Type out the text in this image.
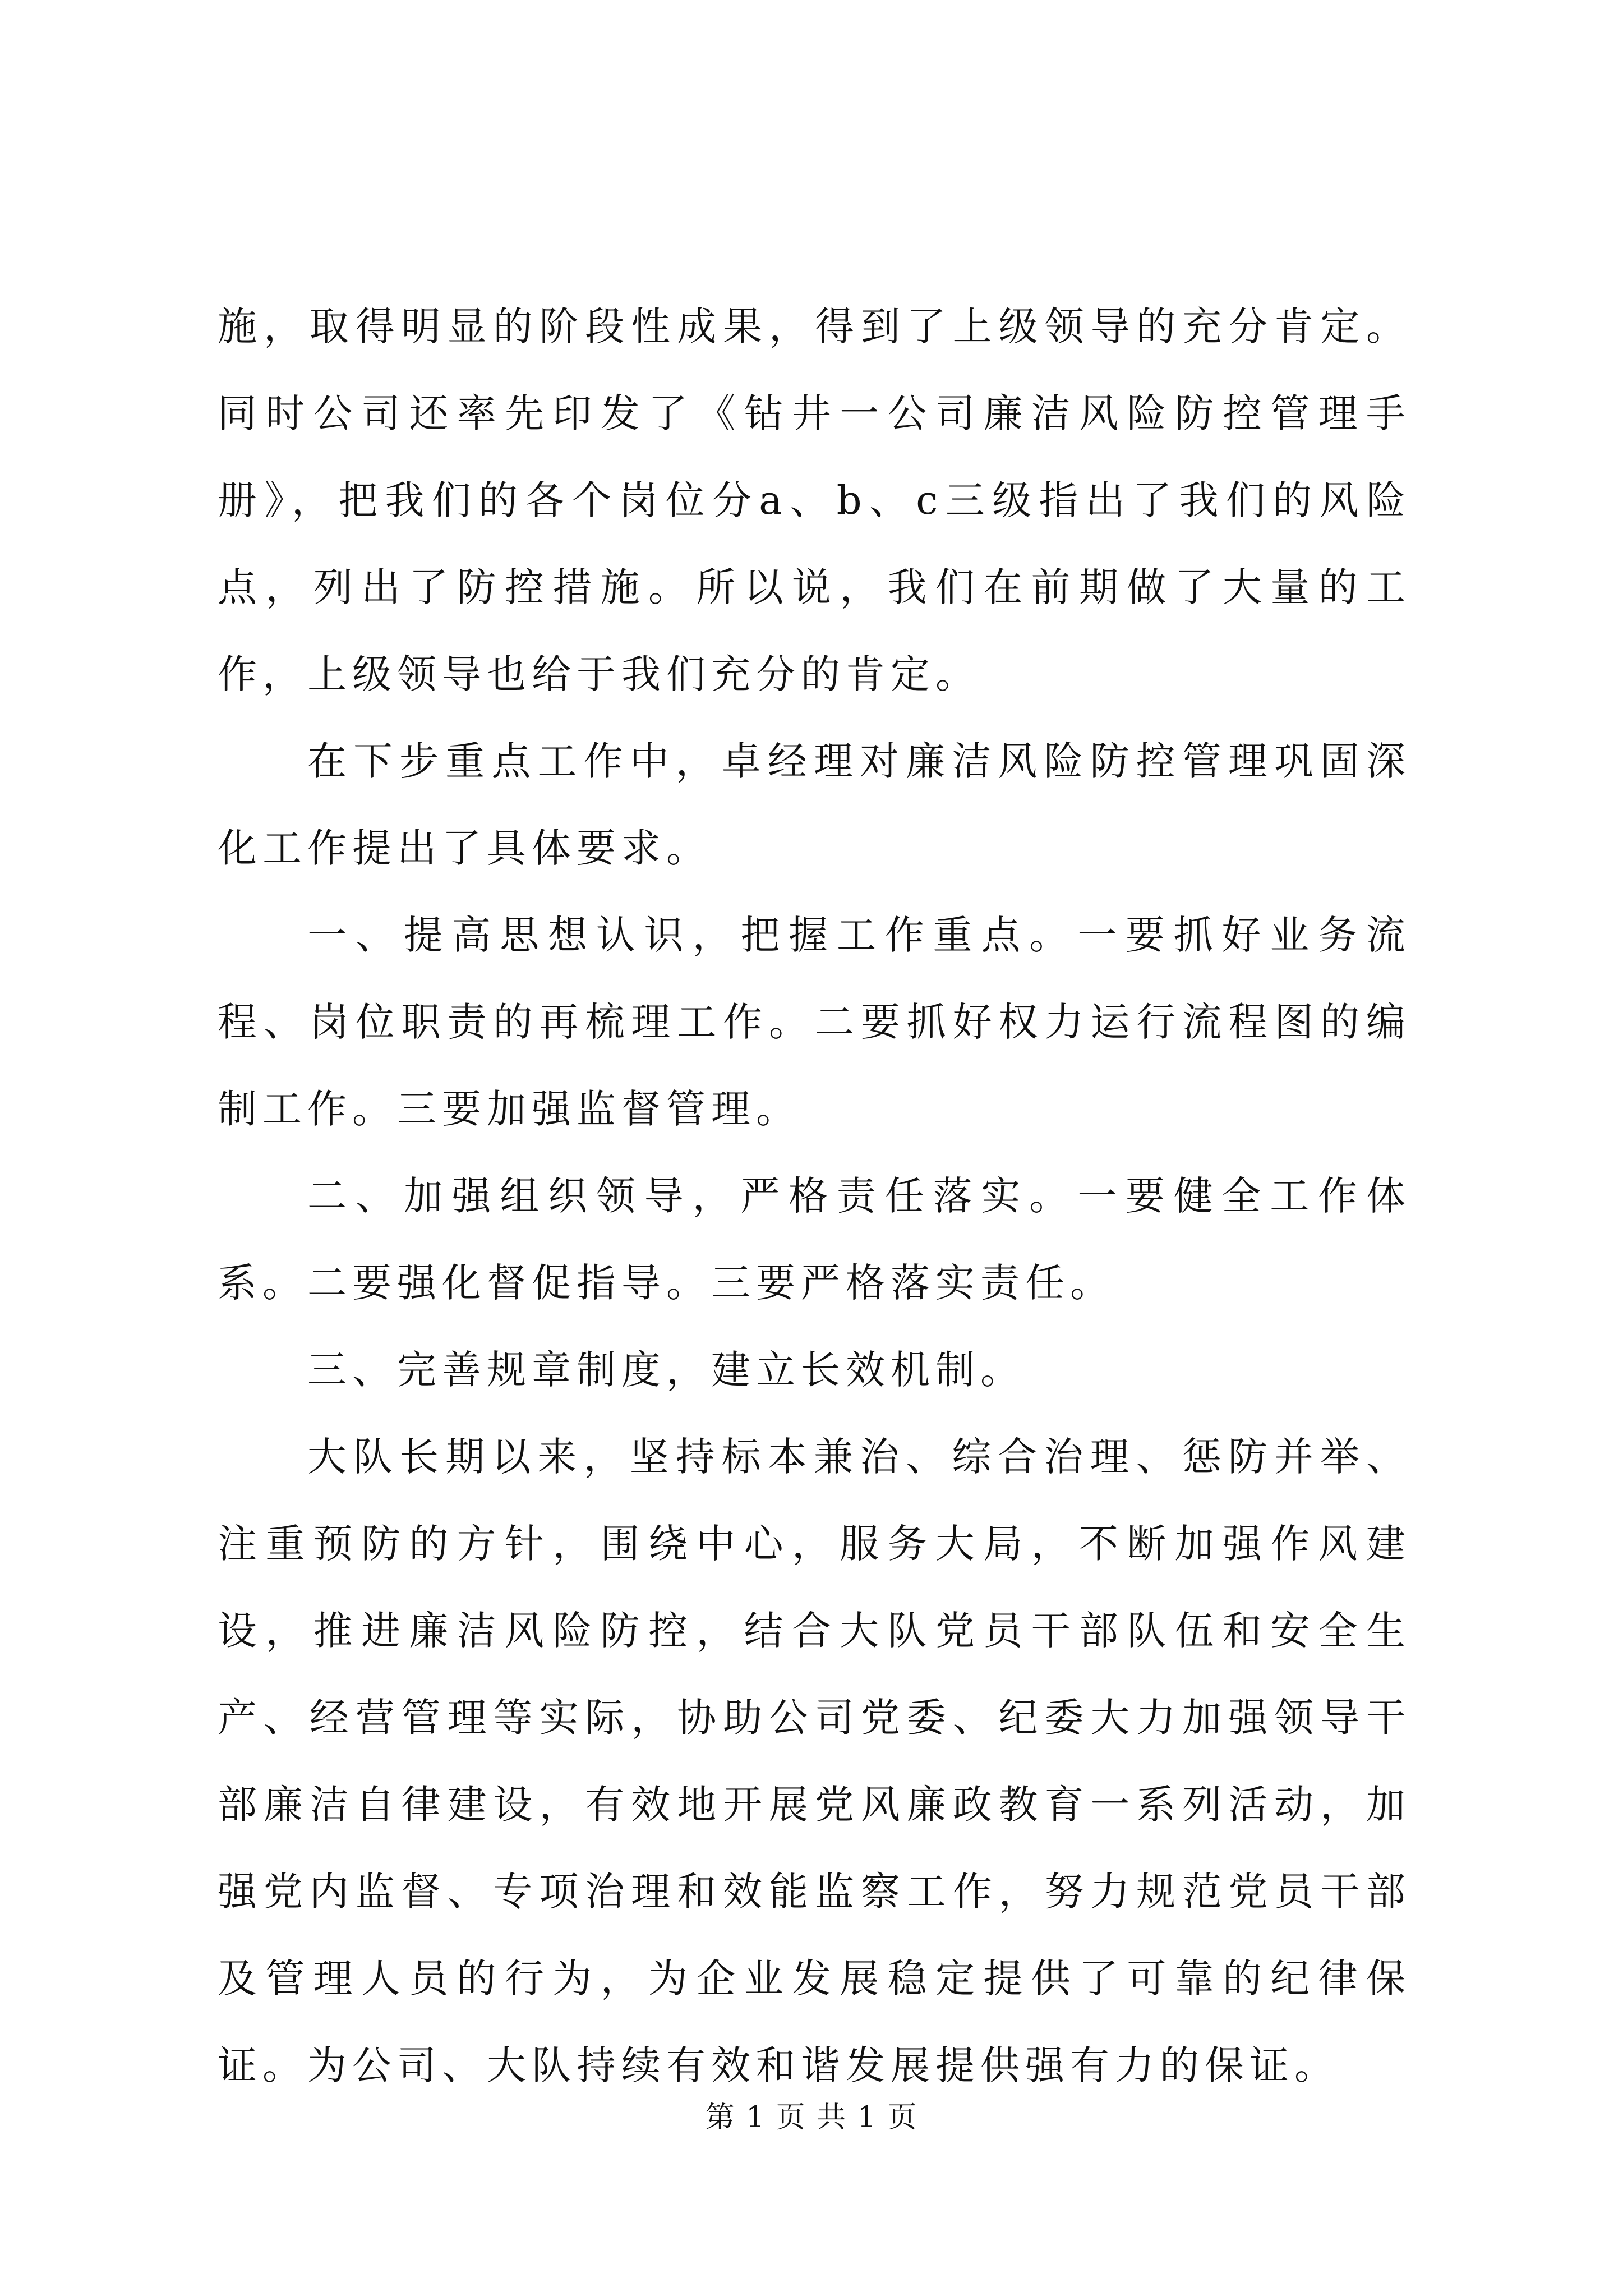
施，取得明显的阶段性成果，得到了上级领导的充分肯定。同时公司还率先印发了《钻井一公司廉洁风险防控管理手册》，把我们的各个岗位分a、b、c三级指出了我们的风险点，列出了防控措施。所以说，我们在前期做了大量的工作，上级领导也给于我们充分的肯定。

在下步重点工作中，卓经理对廉洁风险防控管理巩固深化工作提出了具体要求。

一、提高思想认识，把握工作重点。一要抓好业务流程、岗位职责的再梳理工作。二要抓好权力运行流程图的编制工作。三要加强监督管理。

二、加强组织领导，严格责任落实。一要健全工作体系。二要强化督促指导。三要严格落实责任。

三、完善规章制度，建立长效机制。

大队长期以来，坚持标本兼治、综合治理、惩防并举、注重预防的方针，围绕中心，服务大局，不断加强作风建设，推进廉洁风险防控，结合大队党员干部队伍和安全生产、经营管理等实际，协助公司党委、纪委大力加强领导干部廉洁自律建设，有效地开展党风廉政教育一系列活动，加强党内监督、专项治理和效能监察工作，努力规范党员干部及管理人员的行为，为企业发展稳定提供了可靠的纪律保证。为公司、大队持续有效和谐发展提供强有力的保证。

第 1 页 共 1 页
